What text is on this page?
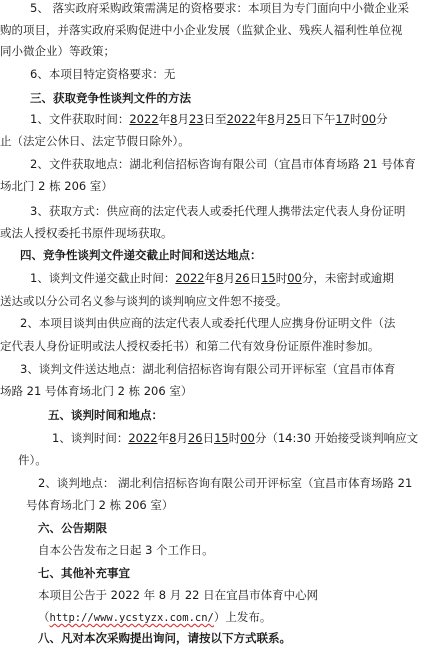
5、 落实政府采购政策需满足的资格要求：本项目为专门面向中小微企业采
购的项目，并落实政府采购促进中小企业发展（监狱企业、残疾人福利性单位视
同小微企业）等政策；
6、本项目特定资格要求：无
三、获取竞争性谈判文件的方法
1、文件获取时间：2022年8月23日至2022年8月25日下午17时00分
止（法定公休日、法定节假日除外）。
2、文件获取地点：湖北利信招标咨询有限公司（宜昌市体育场路 21 号体育
场北门 2 栋 206 室）
3、获取方式：供应商的法定代表人或委托代理人携带法定代表人身份证明
或法人授权委托书原件现场获取。
四、竞争性谈判文件递交截止时间和送达地点：
1、谈判文件递交截止时间：2022年8月26日15时00分，未密封或逾期
送达或以分公司名义参与谈判的谈判响应文件恕不接受。
2、本项目谈判由供应商的法定代表人或委托代理人应携身份证明文件（法
定代表人身份证明或法人授权委托书）和第二代有效身份证原件准时参加。
3、谈判文件送达地点：湖北利信招标咨询有限公司开评标室（宜昌市体育
场路 21 号体育场北门 2 栋 206 室）
五、谈判时间和地点：
1、谈判时间：2022年8月26日15时00分（14:30 开始接受谈判响应文
件）。
2、谈判地点： 湖北利信招标咨询有限公司开评标室（宜昌市体育场路 21
号体育场北门 2 栋 206 室）
六、公告期限
自本公告发布之日起 3 个工作日。
七、其他补充事宜
本项目公告于 2022 年 8 月 22 日在宜昌市体育中心网
（http://www.ycstyzx.com.cn/）上发布。
八、凡对本次采购提出询问，请按以下方式联系。
